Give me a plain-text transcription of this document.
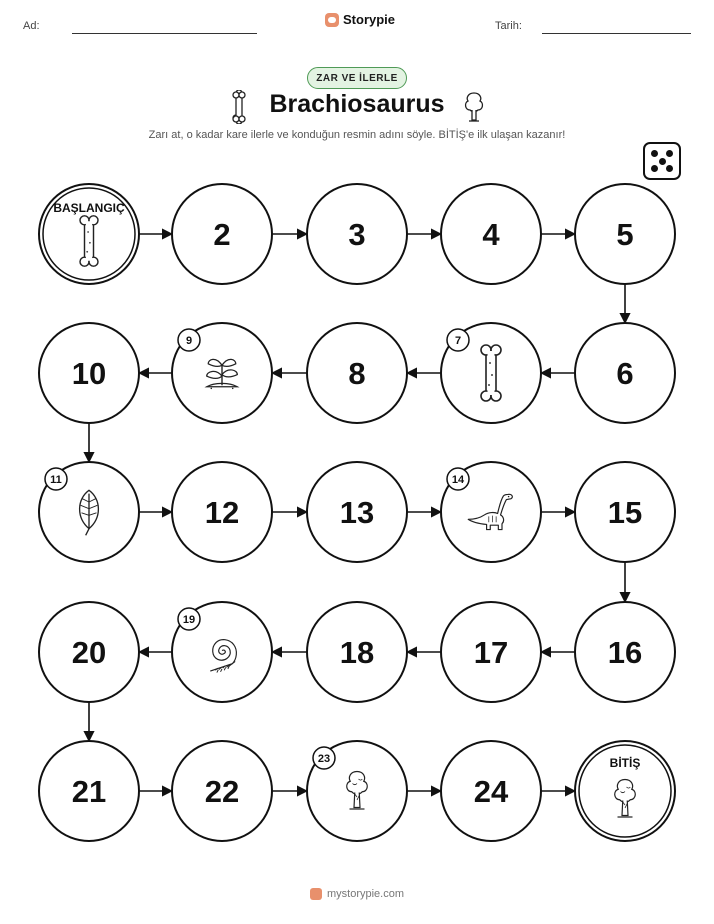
Ad:	Storypie	Tarih:
ZAR VE İLERLE
Brachiosaurus
Zarı at, o kadar kare ilerle ve konduğun resmin adını söyle. BİTİŞ'e ilk ulaşan kazanır!
BAŞLANGIÇ
2	3	4	5
6
7
8
9
10
11
12	13
14
15
16
17
18
19
20
21	22
23
24
BİTİŞ
mystorypie.com
